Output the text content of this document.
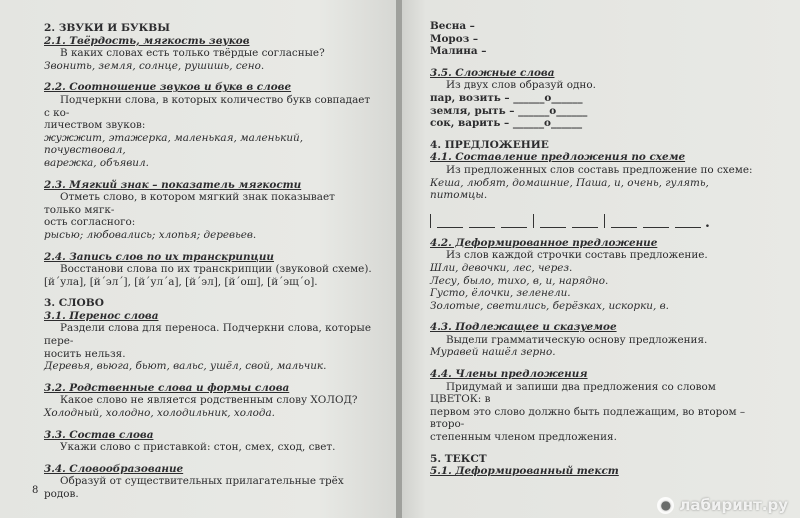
2. ЗВУКИ И БУКВЫ

2.1. Твёрдость, мягкость звуков

В каких словах есть только твёрдые согласные?

Звонить, земля, солнце, рушишь, сено.

2.2. Соотношение звуков и букв в слове

Подчеркни слова, в которых количество букв совпадает с ко-

личеством звуков:

жужжит, этажерка, маленькая, маленький, почувствовал,

варежка, объявил.

2.3. Мягкий знак – показатель мягкости

Отметь слово, в котором мягкий знак показывает только мягк-

ость согласного:

рысью; любовались; хлопья; деревьев.

2.4. Запись слов по их транскрипции

Восстанови слова по их транскрипции (звуковой схеме).

[й´ула], [й´эл´], [й´ул´а], [й´эл], [й´ош], [й´эщ´о].

3. СЛОВО

3.1. Перенос слова

Раздели слова для переноса. Подчеркни слова, которые пере-

носить нельзя.

Деревья, вьюга, бьют, вальс, ушёл, свой, мальчик.

3.2. Родственные слова и формы слова

Какое слово не является родственным слову ХОЛОД?

Холодный, холодно, холодильник, холода.

3.3. Состав слова

Укажи слово с приставкой: стон, смех, сход, свет.

3.4. Словообразование

Образуй от существительных прилагательные трёх родов.

8

Весна –

Мороз –

Малина –

3.5. Сложные слова

Из двух слов образуй одно.

пар, возить – ______о______

земля, рыть – ______о______

сок, варить – ______о______

4. ПРЕДЛОЖЕНИЕ

4.1. Составление предложения по схеме

Из предложенных слов составь предложение по схеме:

Кеша, любят, домашние, Паша, и, очень, гулять, питомцы.

.

4.2. Деформированное предложение

Из слов каждой строчки составь предложение.

Шли, девочки, лес, через.

Лесу, было, тихо, в, и, нарядно.

Густо, ёлочки, зеленели.

Золотые, светились, берёзках, искорки, в.

4.3. Подлежащее и сказуемое

Выдели грамматическую основу предложения.

Муравей нашёл зерно.

4.4. Члены предложения

Придумай и запиши два предложения со словом ЦВЕТОК: в

первом это слово должно быть подлежащим, во втором – второ-

степенным членом предложения.

5. ТЕКСТ

5.1. Деформированный текст

● лабиринт.ру
